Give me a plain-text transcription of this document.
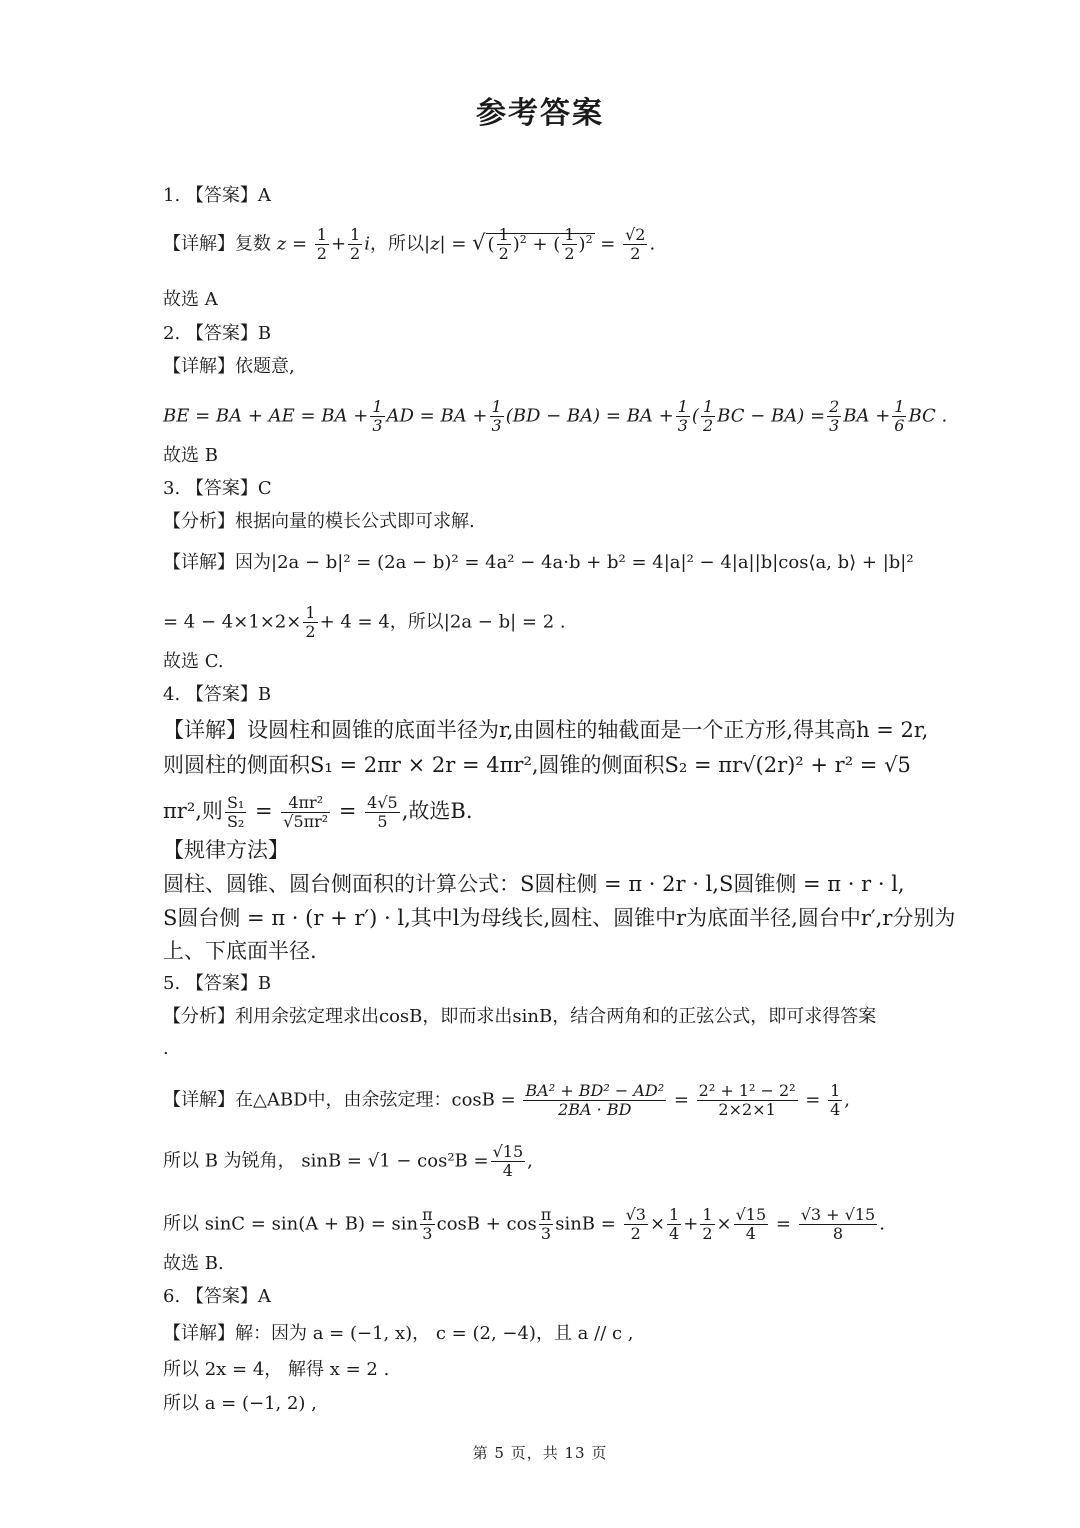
参考答案
1. 【答案】A
【详解】复数 $z = \frac{1}{2} + \frac{1}{2}$ i，所以|z| = √ ( $\frac{1}{2} )^2$ + ( $\frac{1}{2} )^2 = \frac{√2}{2}$ .
故选 A
2. 【答案】B
【详解】依题意,
BE = BA + AE = BA + $\frac{1}{3}$ AD = BA + $\frac{1}{3} (BD - BA)$ = BA + $\frac{1}{3}$ ( $\frac{1}{2}$ BC − $BA) = \frac{2}{3}$ BA + $\frac{1}{6}$ BC .
故选 B
3. 【答案】C
【分析】根据向量的模长公式即可求解.
【详解】因为|2a − b|² = (2a − b)² = 4a² − 4a·b + b² = 4|a|² − 4|a||b|cos⟨a, b⟩ + |b|²
= $4 - 4\times 1\times 2\times \frac{1}{2} + 4 = 4$，所以|2a − b| = 2 .
故选 C.
4. 【答案】B
【详解】设圆柱和圆锥的底面半径为r,由圆柱的轴截面是一个正方形,得其高h = 2r,
则圆柱的侧面积S₁ = 2πr × 2r = 4πr²,圆锥的侧面积S₂ = πr√(2r)² + r² = √5
πr²,则 $\frac{\text{S₁}}{\text{S₂}} = \frac{\text{4πr²}}{\text{√5πr²}} = \frac{4√5}{5}$ ,故选B.
【规律方法】
圆柱、圆锥、圆台侧面积的计算公式：S圆柱侧 = π · 2r · l,S圆锥侧 = π · r · l,
S圆台侧 = π · (r + r′) · l,其中l为母线长,圆柱、圆锥中r为底面半径,圆台中r′,r分别为
上、下底面半径.
5. 【答案】B
【分析】利用余弦定理求出cosB，即而求出sinB，结合两角和的正弦公式，即可求得答案
.
【详解】在△ABD中，由余弦定理：$\cos B = \frac{\text{BA² + BD² − AD²}}{2BA \cdot BD} = \frac{\text{2² + 1² − 2²}}{2\times 2\times 1} = \frac{1}{4}$ ,
所以 B 为锐角， $\sin B = √1 - \cos^2B = \frac{√15}{4}$ ,
所以 $\sin C = \sin(A + B) = \sin \frac{\pi}{3}$ $\cos B + \cos \frac{\pi}{3}$ $\sin B = \frac{√3}{2} \times \frac{1}{4} + \frac{1}{2} \times \frac{√15}{4} = \frac{√3 + √15}{8}$ .
故选 B.
6. 【答案】A
【详解】解：因为 a = (−1, x)， c = (2, −4)，且 a // c ,
所以 2x = 4， 解得 x = 2 .
所以 a = (−1, 2) ,
第 5 页，共 13 页
